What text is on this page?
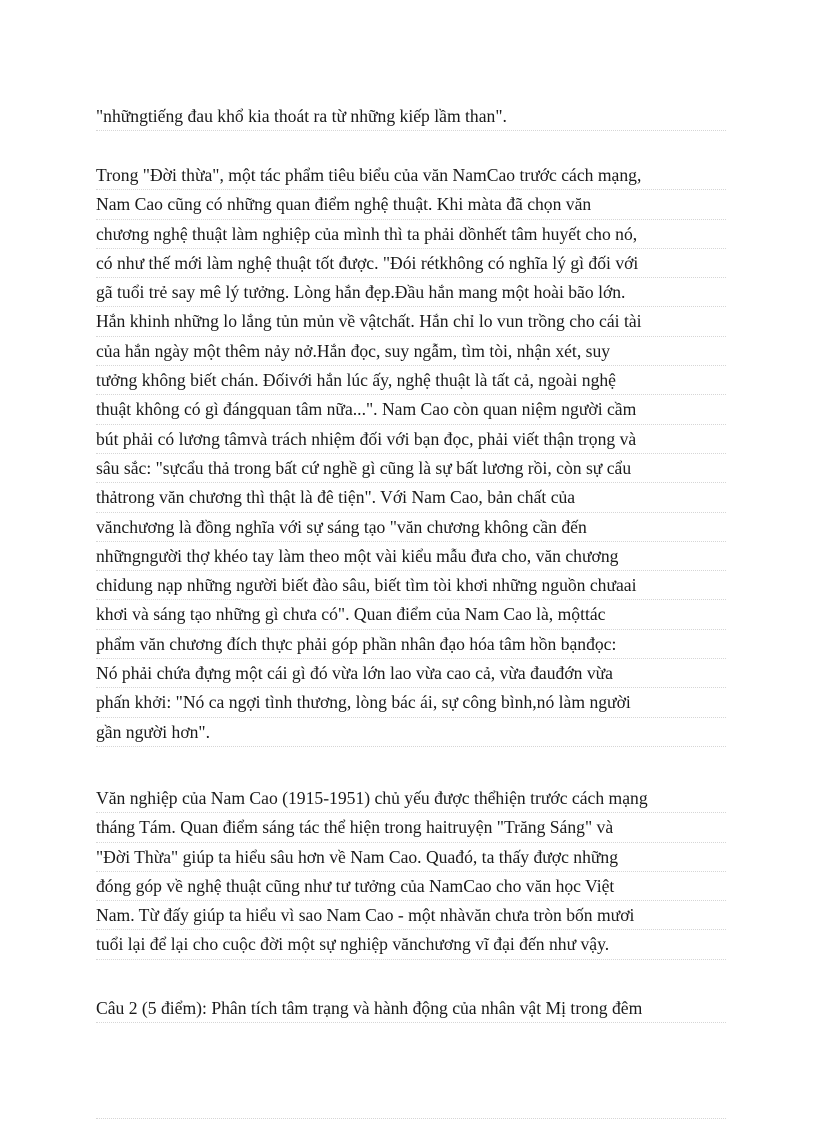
"nhữngtiếng đau khổ kia thoát ra từ những kiếp lầm than".
Trong "Đời thừa", một tác phẩm tiêu biểu của văn NamCao trước cách mạng,
Nam Cao cũng có những quan điểm nghệ thuật. Khi màta đã chọn văn
chương nghệ thuật làm nghiệp của mình thì ta phải dồnhết tâm huyết cho nó,
có như thế mới làm nghệ thuật tốt được. "Đói rétkhông có nghĩa lý gì đối với
gã tuổi trẻ say mê lý tưởng. Lòng hắn đẹp.Đầu hắn mang một hoài bão lớn.
Hắn khinh những lo lắng tủn mủn về vậtchất. Hắn chỉ lo vun trồng cho cái tài
của hắn ngày một thêm nảy nở.Hắn đọc, suy ngẫm, tìm tòi, nhận xét, suy
tưởng không biết chán. Đốivới hắn lúc ấy, nghệ thuật là tất cả, ngoài nghệ
thuật không có gì đángquan tâm nữa...". Nam Cao còn quan niệm người cầm
bút phải có lương tâmvà trách nhiệm đối với bạn đọc, phải viết thận trọng và
sâu sắc: "sựcẩu thả trong bất cứ nghề gì cũng là sự bất lương rồi, còn sự cẩu
thảtrong văn chương thì thật là đê tiện". Với Nam Cao, bản chất của
vănchương là đồng nghĩa với sự sáng tạo "văn chương không cần đến
nhữngngười thợ khéo tay làm theo một vài kiểu mẫu đưa cho, văn chương
chỉdung nạp những người biết đào sâu, biết tìm tòi khơi những nguồn chưaai
khơi và sáng tạo những gì chưa có". Quan điểm của Nam Cao là, mộttác
phẩm văn chương đích thực phải góp phần nhân đạo hóa tâm hồn bạnđọc:
Nó phải chứa đựng một cái gì đó vừa lớn lao vừa cao cả, vừa đauđớn vừa
phấn khởi: "Nó ca ngợi tình thương, lòng bác ái, sự công bình,nó làm người
gần người hơn".
Văn nghiệp của Nam Cao (1915-1951) chủ yếu được thểhiện trước cách mạng
tháng Tám. Quan điểm sáng tác thể hiện trong haitruyện "Trăng Sáng" và
"Đời Thừa" giúp ta hiểu sâu hơn về Nam Cao. Quađó, ta thấy được những
đóng góp về nghệ thuật cũng như tư tưởng của NamCao cho văn học Việt
Nam. Từ đấy giúp ta hiểu vì sao Nam Cao - một nhàvăn chưa tròn bốn mươi
tuổi lại để lại cho cuộc đời một sự nghiệp vănchương vĩ đại đến như vậy.
Câu 2 (5 điểm): Phân tích tâm trạng và hành động của nhân vật Mị trong đêm
